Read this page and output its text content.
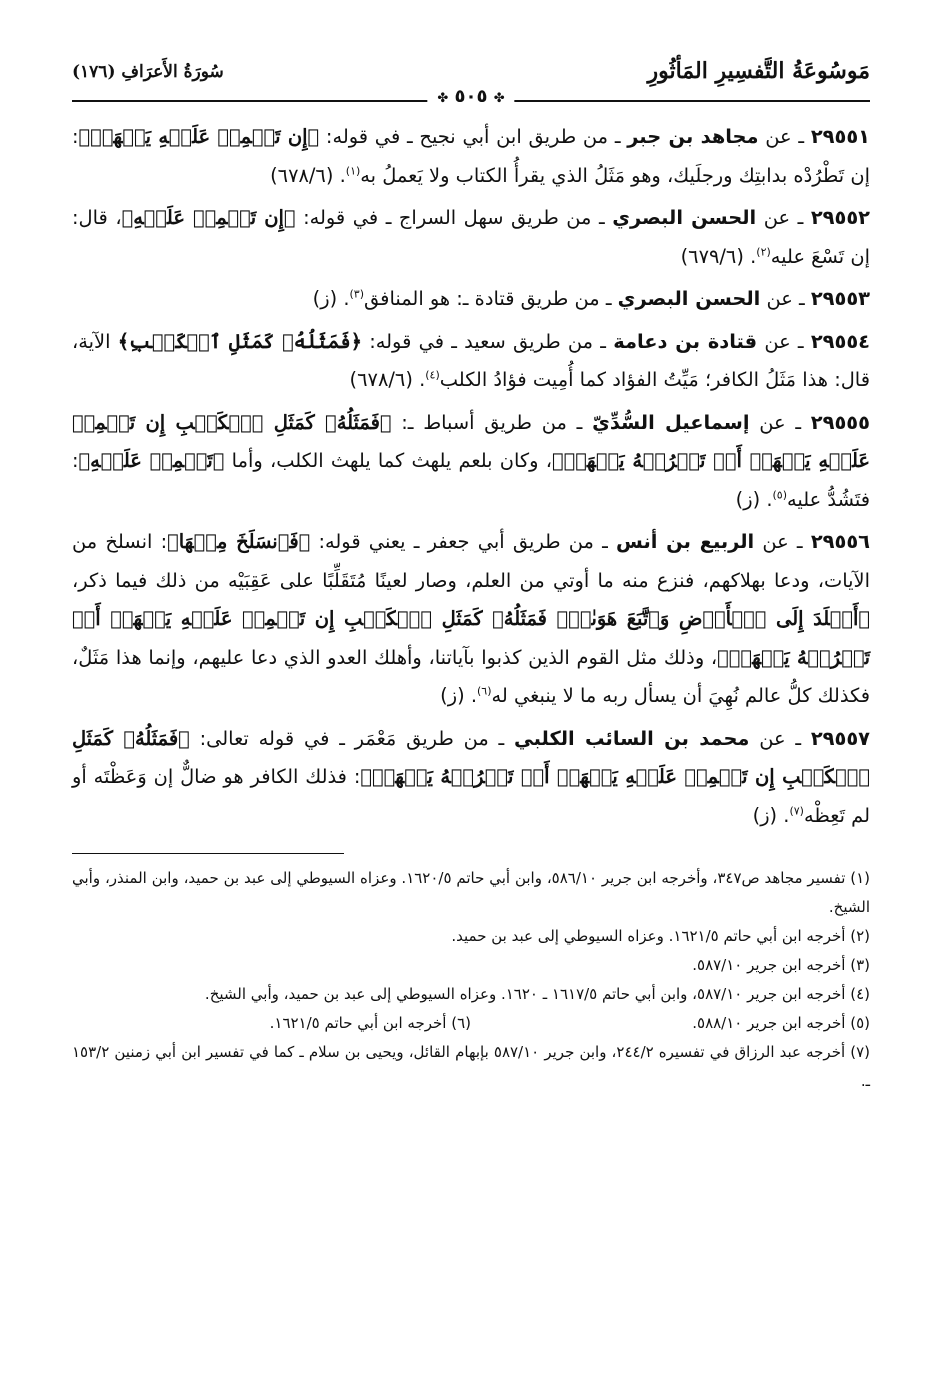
مَوسُوعَةُ التَّفسِيرِ المَأثُورِ
سُورَةُ الأَعرَافِ (١٧٦)
✤ ٥٠٥ ✤

٢٩٥٥١ ـ عن مجاهد بن جبر ـ من طريق ابن أبي نجيح ـ في قوله: ﴿إِن تَحۡمِلۡ عَلَيۡهِ يَلۡهَثۡ﴾: إن تَطْرُدْه بدابتِك ورجلَيك، وهو مَثَلُ الذي يقرأُ الكتاب ولا يَعملُ به$^{(١)}$. (٦٧٨/٦)

٢٩٥٥٢ ـ عن الحسن البصري ـ من طريق سهل السراج ـ في قوله: ﴿إِن تَحۡمِلۡ عَلَيۡهِ﴾، قال: إن تَسْعَ عليه$^{(٢)}$. (٦٧٩/٦)

٢٩٥٥٣ ـ عن الحسن البصري ـ من طريق قتادة ـ: هو المنافق$^{(٣)}$. (ز)

٢٩٥٥٤ ـ عن قتادة بن دعامة ـ من طريق سعيد ـ في قوله: ﴿فَمَثَلُهُۥ كَمَثَلِ ٱلۡكَلۡبِ﴾ الآية، قال: هذا مَثَلُ الكافر؛ مَيِّتُ الفؤاد كما أُمِيت فؤادُ الكلب$^{(٤)}$. (٦٧٨/٦)

٢٩٥٥٥ ـ عن إسماعيل السُّدِّيّ ـ من طريق أسباط ـ: ﴿فَمَثَلُهُۥ كَمَثَلِ ٱلۡكَلۡبِ إِن تَحۡمِلۡ عَلَيۡهِ يَلۡهَثۡ أَوۡ تَتۡرُكۡهُ يَلۡهَثۚ﴾، وكان بلعم يلهث كما يلهث الكلب، وأما ﴿تَحۡمِلۡ عَلَيۡهِ﴾: فتَشُدُّ عليه$^{(٥)}$. (ز)

٢٩٥٥٦ ـ عن الربيع بن أنس ـ من طريق أبي جعفر ـ يعني قوله: ﴿فَٱنسَلَخَ مِنۡهَا﴾: انسلخ من الآيات، ودعا بهلاكهم، فنزع منه ما أوتي من العلم، وصار لعينًا مُتَقَلِّبًا على عَقِبَيْه من ذلك فيما ذكر، ﴿أَخۡلَدَ إِلَى ٱلۡأَرۡضِ وَٱتَّبَعَ هَوَىٰهُۚ فَمَثَلُهُۥ كَمَثَلِ ٱلۡكَلۡبِ إِن تَحۡمِلۡ عَلَيۡهِ يَلۡهَثۡ أَوۡ تَتۡرُكۡهُ يَلۡهَثۚ﴾، وذلك مثل القوم الذين كذبوا بآياتنا، وأهلك العدو الذي دعا عليهم، وإنما هذا مَثَلٌ، فكذلك كلُّ عالم نُهِيَ أن يسأل ربه ما لا ينبغي له$^{(٦)}$. (ز)

٢٩٥٥٧ ـ عن محمد بن السائب الكلبي ـ من طريق مَعْمَر ـ في قوله تعالى: ﴿فَمَثَلُهُۥ كَمَثَلِ ٱلۡكَلۡبِ إِن تَحۡمِلۡ عَلَيۡهِ يَلۡهَثۡ أَوۡ تَتۡرُكۡهُ يَلۡهَثۚ﴾: فذلك الكافر هو ضالٌّ إن وَعَظْتَه أو لم تَعِظْه$^{(٧)}$. (ز)

(١) تفسير مجاهد ص٣٤٧، وأخرجه ابن جرير ٥٨٦/١٠، وابن أبي حاتم ١٦٢٠/٥. وعزاه السيوطي إلى عبد بن حميد، وابن المنذر، وأبي الشيخ.

(٢) أخرجه ابن أبي حاتم ١٦٢١/٥. وعزاه السيوطي إلى عبد بن حميد.

(٣) أخرجه ابن جرير ٥٨٧/١٠.

(٤) أخرجه ابن جرير ٥٨٧/١٠، وابن أبي حاتم ١٦١٧/٥ ـ ١٦٢٠. وعزاه السيوطي إلى عبد بن حميد، وأبي الشيخ.

(٥) أخرجه ابن جرير ٥٨٨/١٠.
(٦) أخرجه ابن أبي حاتم ١٦٢١/٥.

(٧) أخرجه عبد الرزاق في تفسيره ٢٤٤/٢، وابن جرير ٥٨٧/١٠ بإبهام القائل، ويحيى بن سلام ـ كما في تفسير ابن أبي زمنين ١٥٣/٢ ـ.
